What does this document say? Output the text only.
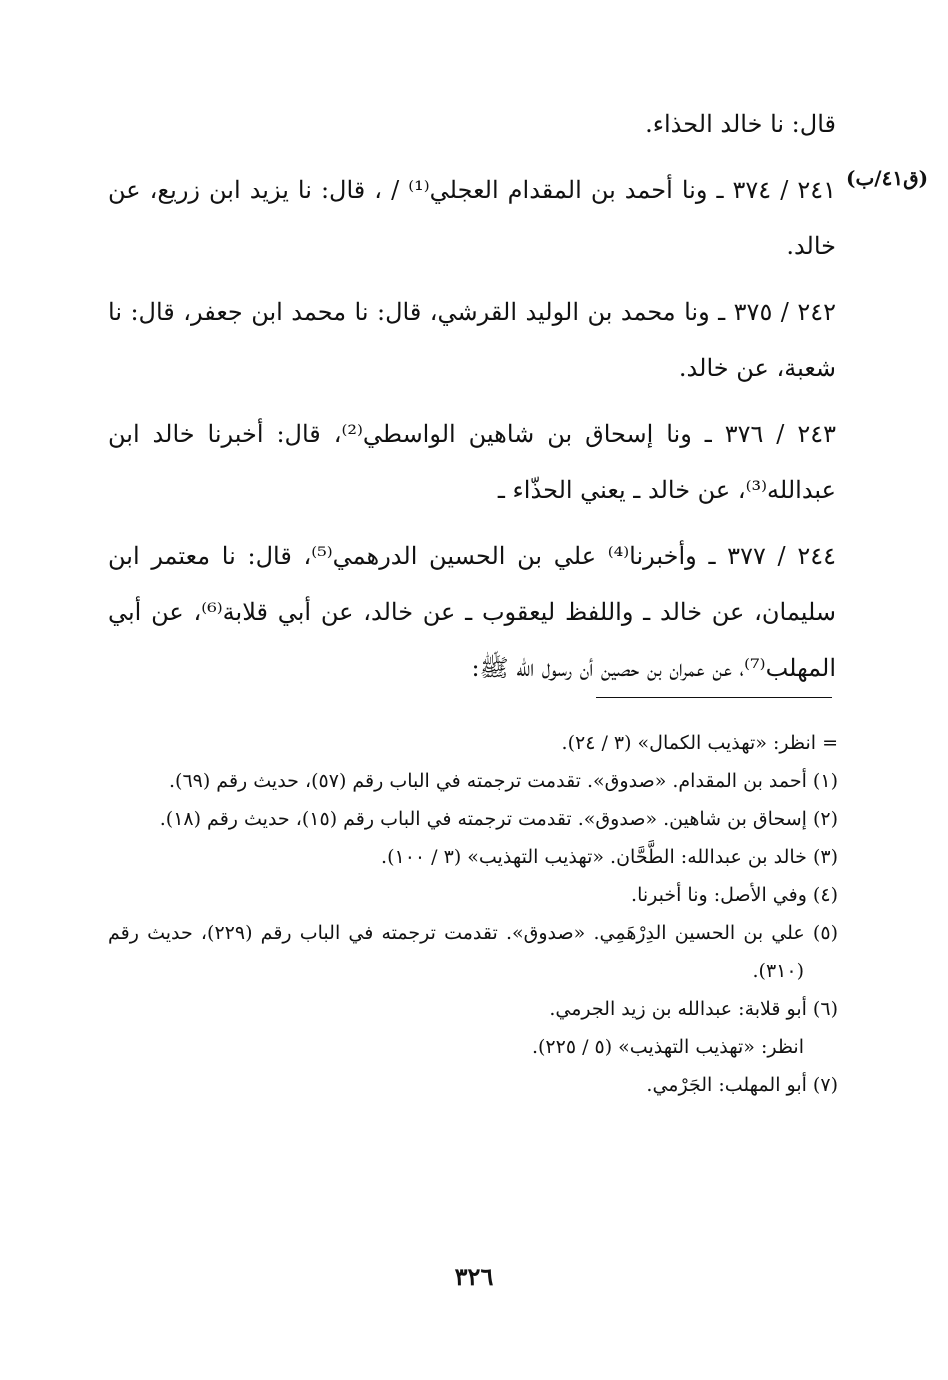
(ق٤١/ب)

قال: نا خالد الحذاء.

٢٤١ / ٣٧٤ ـ ونا أحمد بن المقدام العجلي⁽¹⁾ / ، قال: نا يزيد ابن زريع، عن خالد.

٢٤٢ / ٣٧٥ ـ ونا محمد بن الوليد القرشي، قال: نا محمد ابن جعفر، قال: نا شعبة، عن خالد.

٢٤٣ / ٣٧٦ ـ ونا إسحاق بن شاهين الواسطي⁽²⁾، قال: أخبرنا خالد ابن عبدالله⁽³⁾، عن خالد ـ يعني الحذّاء ـ

٢٤٤ / ٣٧٧ ـ وأخبرنا⁽⁴⁾ علي بن الحسين الدرهمي⁽⁵⁾، قال: نا معتمر ابن سليمان، عن خالد ـ واللفظ ليعقوب ـ عن خالد، عن أبي قلابة⁽⁶⁾، عن أبي المهلب⁽⁷⁾، عن عمران بن حصين أن رسول الله ﷺ:

= انظر: «تهذيب الكمال» (٣ / ٢٤).

(١) أحمد بن المقدام. «صدوق». تقدمت ترجمته في الباب رقم (٥٧)، حديث رقم (٦٩).

(٢) إسحاق بن شاهين. «صدوق». تقدمت ترجمته في الباب رقم (١٥)، حديث رقم (١٨).

(٣) خالد بن عبدالله: الطَّحَّان. «تهذيب التهذيب» (٣ / ١٠٠).

(٤) وفي الأصل: ونا أخبرنا.

(٥) علي بن الحسين الدِرْهَمِي. «صدوق». تقدمت ترجمته في الباب رقم (٢٢٩)، حديث رقم (٣١٠).

(٦) أبو قلابة: عبدالله بن زيد الجرمي.

انظر: «تهذيب التهذيب» (٥ / ٢٢٥).

(٧) أبو المهلب: الجَرْمي.

٣٢٦
